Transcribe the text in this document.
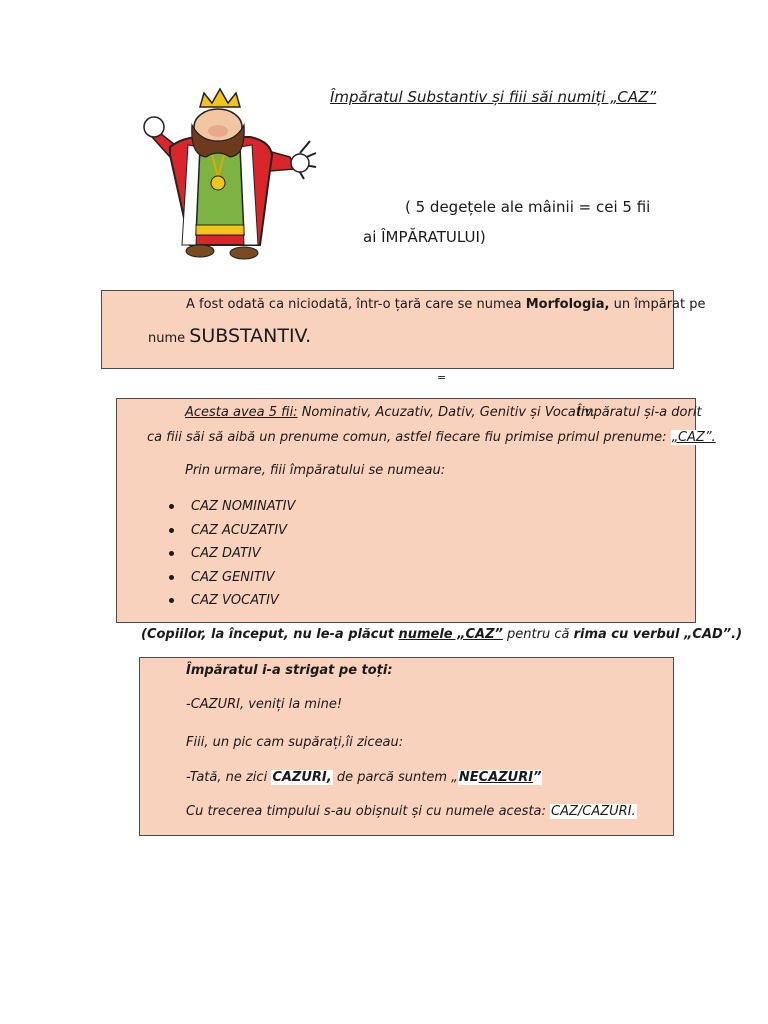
Împăratul Substantiv și fiii săi numiți „CAZ”
( 5 degețele ale mâinii = cei 5 fii
ai ÎMPĂRATULUI)
A fost odată ca niciodată, într-o țară care se numea Morfologia, un împărat pe
nume SUBSTANTIV.
=
Acesta avea 5 fii: Nominativ, Acuzativ, Dativ, Genitiv și Vocativ.
Împăratul și-a dorit
ca fiii săi să aibă un prenume comun, astfel fiecare fiu primise primul prenume: „CAZ”.
Prin urmare, fiii împăratului se numeau:
CAZ NOMINATIV
CAZ ACUZATIV
CAZ DATIV
CAZ GENITIV
CAZ VOCATIV
(Copiilor, la început, nu le-a plăcut numele „CAZ” pentru că rima cu verbul „CAD”.)
Împăratul i-a strigat pe toți:
-CAZURI, veniți la mine!
Fiii, un pic cam supărați,îi ziceau:
-Tată, ne zici CAZURI, de parcă suntem „NECAZURI”
Cu trecerea timpului s-au obișnuit și cu numele acesta: CAZ/CAZURI.
